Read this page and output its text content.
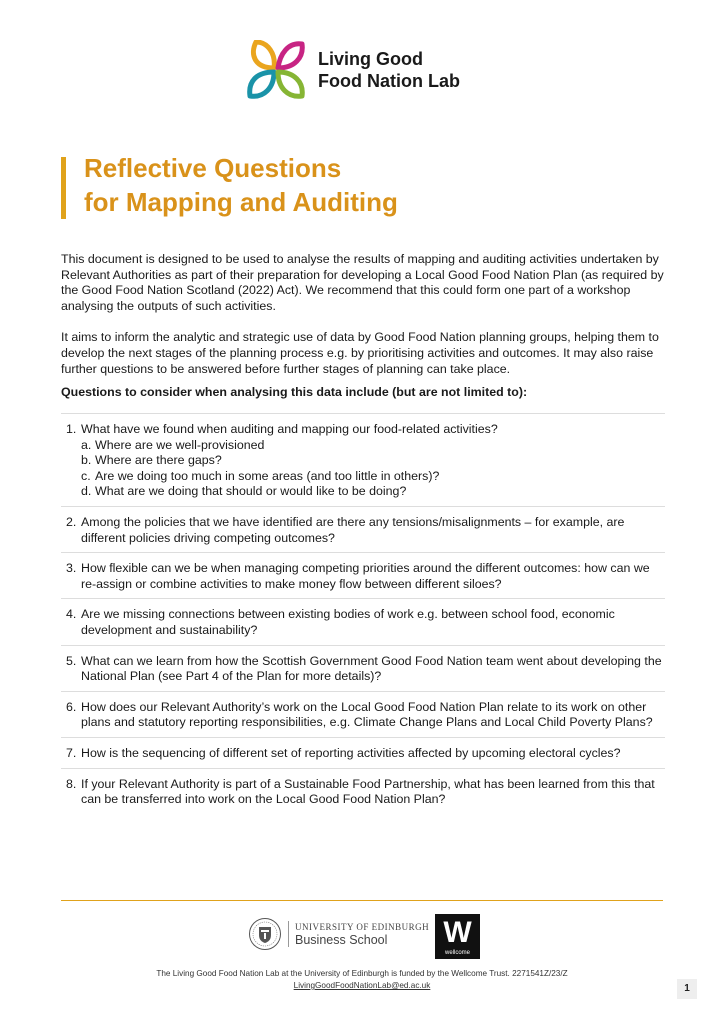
Living Good
Food Nation Lab
Reflective Questions
for Mapping and Auditing

This document is designed to be used to analyse the results of mapping and auditing activities undertaken by Relevant Authorities as part of their preparation for developing a Local Good Food Nation Plan (as required by the Good Food Nation Scotland (2022) Act). We recommend that this could form one part of a workshop analysing the outputs of such activities.

It aims to inform the analytic and strategic use of data by Good Food Nation planning groups, helping them to develop the next stages of the planning process e.g. by prioritising activities and outcomes. It may also raise further questions to be answered before further stages of planning can take place.

Questions to consider when analysing this data include (but are not limited to):
1. What have we found when auditing and mapping our food-related activities?
a. Where are we well-provisioned
b. Where are there gaps?
c. Are we doing too much in some areas (and too little in others)?
d. What are we doing that should or would like to be doing?
2. Among the policies that we have identified are there any tensions/misalignments – for example, are different policies driving competing outcomes?
3. How flexible can we be when managing competing priorities around the different outcomes: how can we re-assign or combine activities to make money flow between different siloes?
4. Are we missing connections between existing bodies of work e.g. between school food, economic development and sustainability?
5. What can we learn from how the Scottish Government Good Food Nation team went about developing the National Plan (see Part 4 of the Plan for more details)?
6. How does our Relevant Authority’s work on the Local Good Food Nation Plan relate to its work on other plans and statutory reporting responsibilities, e.g. Climate Change Plans and Local Child Poverty Plans?
7. How is the sequencing of different set of reporting activities affected by upcoming electoral cycles?
8. If your Relevant Authority is part of a Sustainable Food Partnership, what has been learned from this that can be transferred into work on the Local Good Food Nation Plan?
UNIVERSITY OF EDINBURGH
Business School	W
wellcome
The Living Good Food Nation Lab at the University of Edinburgh is funded by the Wellcome Trust. 2271541Z/23/Z
LivingGoodFoodNationLab@ed.ac.uk	1
